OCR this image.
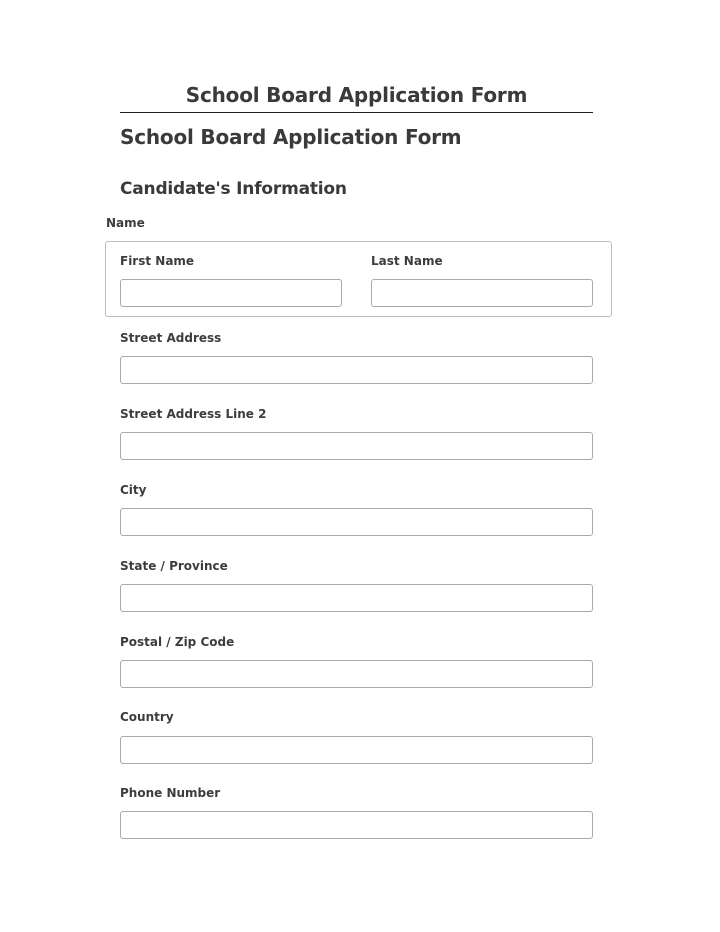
School Board Application Form
School Board Application Form
Candidate's Information
Name
First Name	Last Name
Street Address
Street Address Line 2
City
State / Province
Postal / Zip Code
Country
Phone Number
